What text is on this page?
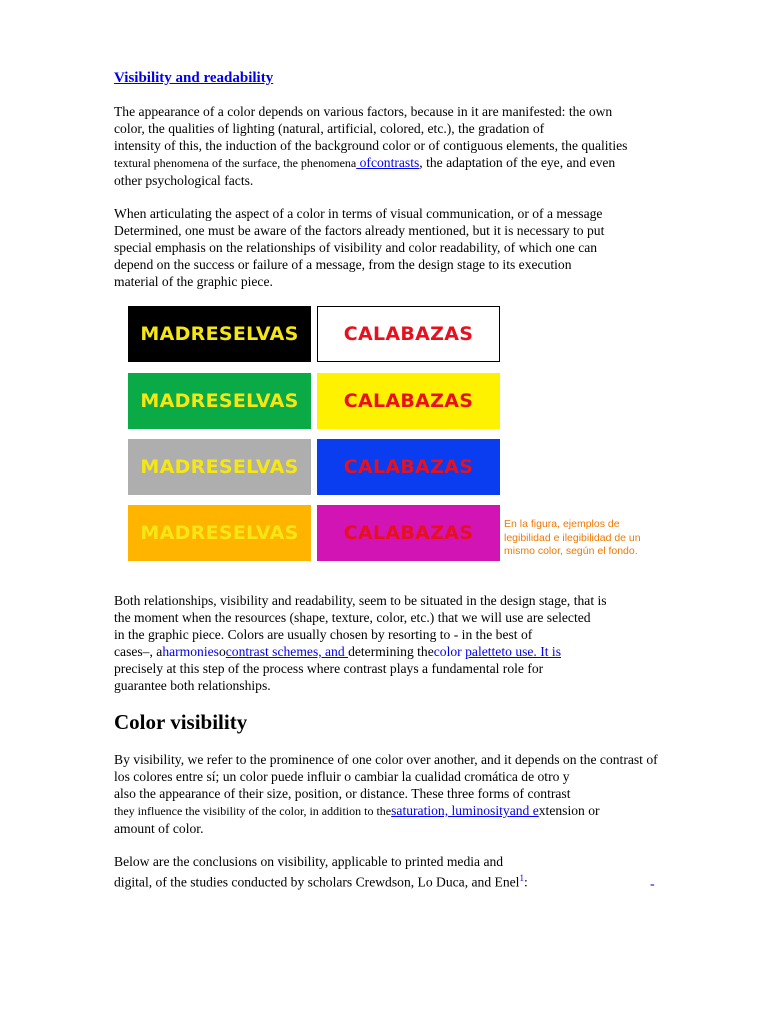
Visibility and readability

The appearance of a color depends on various factors, because in it are manifested: the own
color, the qualities of lighting (natural, artificial, colored, etc.), the gradation of
intensity of this, the induction of the background color or of contiguous elements, the qualities
textural phenomena of the surface, the phenomena ofcontrasts, the adaptation of the eye, and even
other psychological facts.

When articulating the aspect of a color in terms of visual communication, or of a message
Determined, one must be aware of the factors already mentioned, but it is necessary to put
special emphasis on the relationships of visibility and color readability, of which one can
depend on the success or failure of a message, from the design stage to its execution
material of the graphic piece.

MADRESELVAS	CALABAZAS
MADRESELVAS	CALABAZAS
MADRESELVAS	CALABAZAS
MADRESELVAS	CALABAZAS	En la figura, ejemplos de
legibilidad e ilegibilidad de un
mismo color, según el fondo.

Both relationships, visibility and readability, seem to be situated in the design stage, that is
the moment when the resources (shape, texture, color, etc.) that we will use are selected
in the graphic piece. Colors are usually chosen by resorting to - in the best of
cases–, aharmoniesocontrast schemes, and determining thecolor paletteto use. It is
precisely at this step of the process where contrast plays a fundamental role for
guarantee both relationships.

Color visibility

By visibility, we refer to the prominence of one color over another, and it depends on the contrast of
los colores entre sí; un color puede influir o cambiar la cualidad cromática de otro y
also the appearance of their size, position, or distance. These three forms of contrast
they influence the visibility of the color, in addition to thesaturation, luminosityand extension or
amount of color.

Below are the conclusions on visibility, applicable to printed media and
digital, of the studies conducted by scholars Crewdson, Lo Duca, and Enel$^1$:	-
